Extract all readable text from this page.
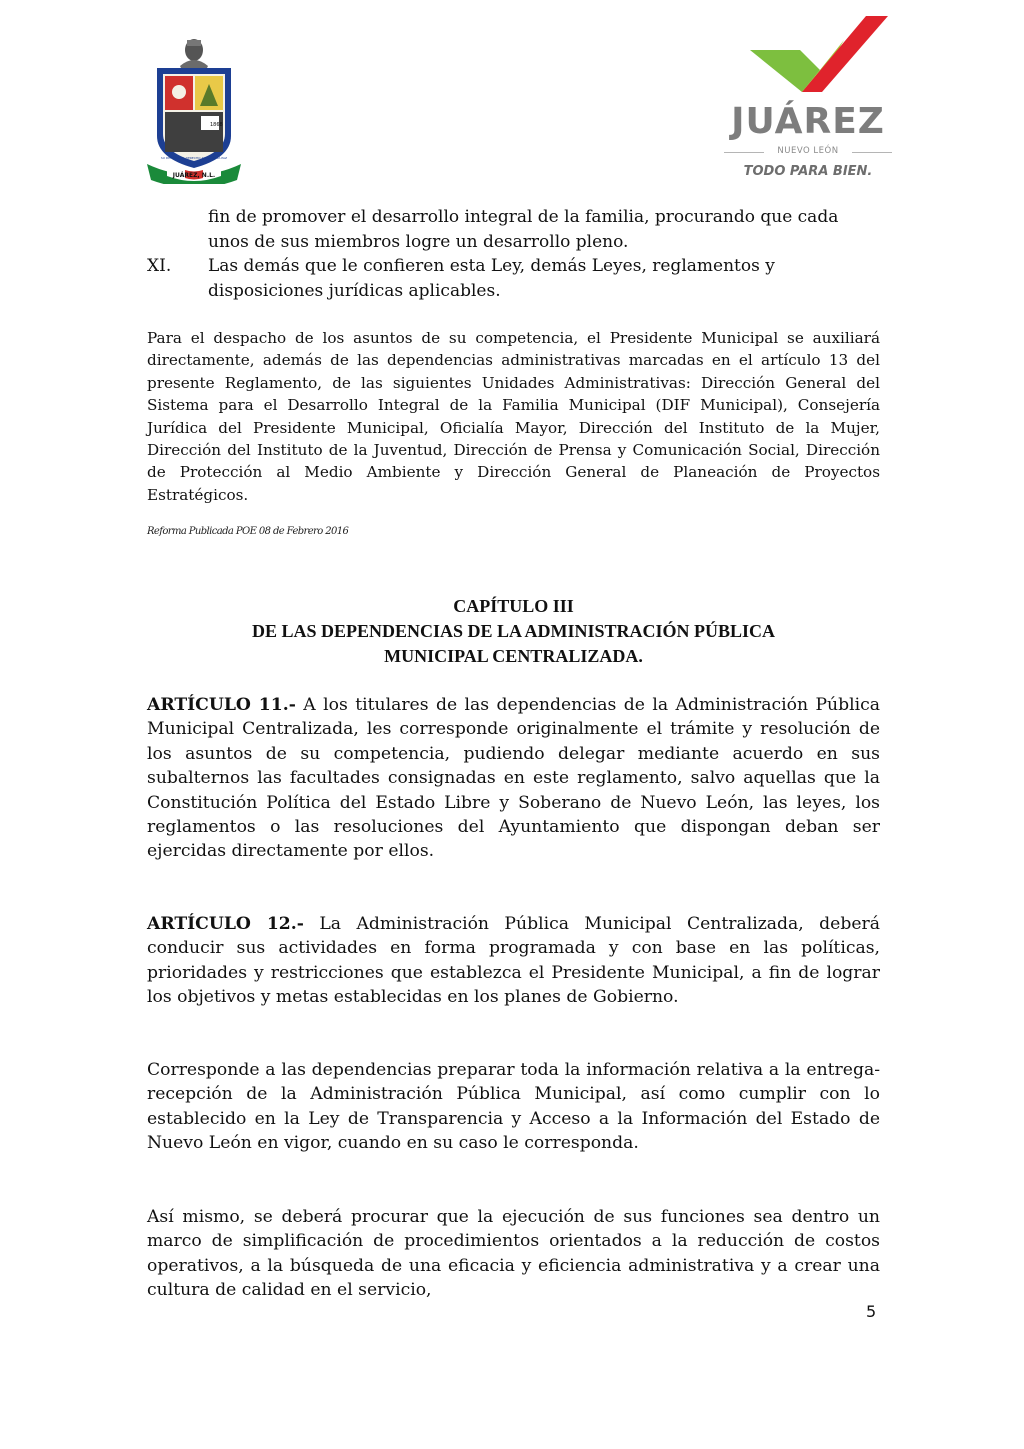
1868
SU DEFENSA AL DERECHO AJENO ES LA PAZ
JUÁREZ, N.L.
JUÁREZ
NUEVO LEÓN
TODO PARA BIEN.
fin de promover el desarrollo integral de la familia, procurando que cada unos de sus miembros logre un desarrollo pleno.
XI. Las demás que le confieren esta Ley, demás Leyes, reglamentos y disposiciones jurídicas aplicables.

Para el despacho de los asuntos de su competencia, el Presidente Municipal se auxiliará directamente, además de las dependencias administrativas marcadas en el artículo 13 del presente Reglamento, de las siguientes Unidades Administrativas: Dirección General del Sistema para el Desarrollo Integral de la Familia Municipal (DIF Municipal), Consejería Jurídica del Presidente Municipal, Oficialía Mayor, Dirección del Instituto de la Mujer, Dirección del Instituto de la Juventud, Dirección de Prensa y Comunicación Social, Dirección de Protección al Medio Ambiente y Dirección General de Planeación de Proyectos Estratégicos.

Reforma Publicada POE 08 de Febrero 2016
CAPÍTULO III
DE LAS DEPENDENCIAS DE LA ADMINISTRACIÓN PÚBLICA
MUNICIPAL CENTRALIZADA.

ARTÍCULO 11.- A los titulares de las dependencias de la Administración Pública Municipal Centralizada, les corresponde originalmente el trámite y resolución de los asuntos de su competencia, pudiendo delegar mediante acuerdo en sus subalternos las facultades consignadas en este reglamento, salvo aquellas que la Constitución Política del Estado Libre y Soberano de Nuevo León, las leyes, los reglamentos o las resoluciones del Ayuntamiento que dispongan deban ser ejercidas directamente por ellos.

ARTÍCULO 12.- La Administración Pública Municipal Centralizada, deberá conducir sus actividades en forma programada y con base en las políticas, prioridades y restricciones que establezca el Presidente Municipal, a fin de lograr los objetivos y metas establecidas en los planes de Gobierno.

Corresponde a las dependencias preparar toda la información relativa a la entrega-recepción de la Administración Pública Municipal, así como cumplir con lo establecido en la Ley de Transparencia y Acceso a la Información del Estado de Nuevo León en vigor, cuando en su caso le corresponda.

Así mismo, se deberá procurar que la ejecución de sus funciones sea dentro un marco de simplificación de procedimientos orientados a la reducción de costos operativos, a la búsqueda de una eficacia y eficiencia administrativa y a crear una cultura de calidad en el servicio,

5
